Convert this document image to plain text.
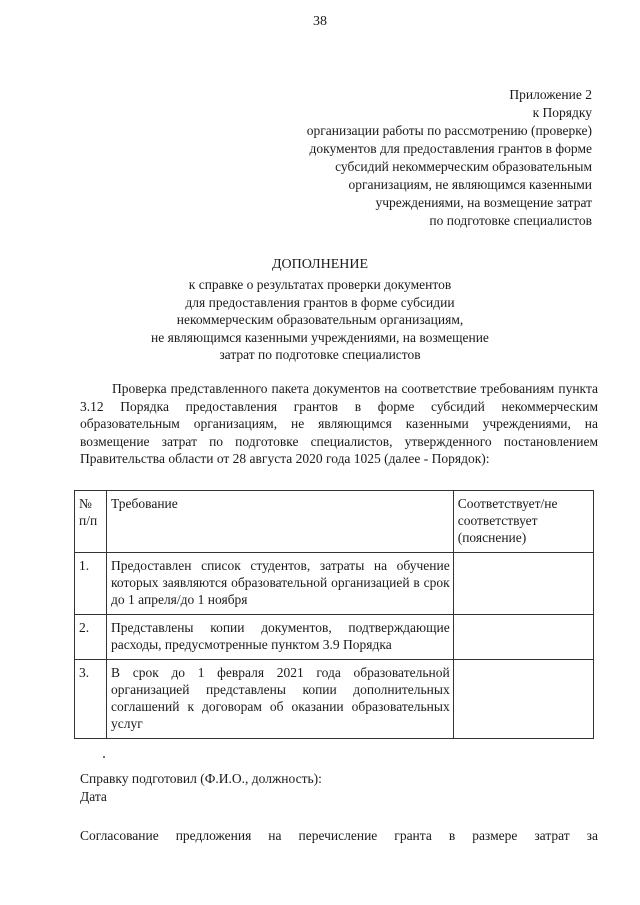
38
Приложение 2
к Порядку
организации работы по рассмотрению (проверке)
документов для предоставления грантов в форме
субсидий некоммерческим образовательным
организациям, не являющимся казенными
учреждениями, на возмещение затрат
по подготовке специалистов
ДОПОЛНЕНИЕ
к справке о результатах проверки документов
для предоставления грантов в форме субсидии
некоммерческим образовательным организациям,
не являющимся казенными учреждениями, на возмещение
затрат по подготовке специалистов
Проверка представленного пакета документов на соответствие требованиям пункта 3.12 Порядка предоставления грантов в форме субсидий некоммерческим образовательным организациям, не являющимся казенными учреждениями, на возмещение затрат по подготовке специалистов, утвержденного постановлением Правительства области от 28 августа 2020 года 1025 (далее - Порядок):
№ п/п	Требование	Соответствует/не соответствует (пояснение)
1.	Предоставлен список студентов, затраты на обучение которых заявляются образовательной организацией в срок до 1 апреля/до 1 ноября	
2.	Представлены копии документов, подтверждающие расходы, предусмотренные пунктом 3.9 Порядка	
3.	В срок до 1 февраля 2021 года образовательной организацией представлены копии дополнительных соглашений к договорам об оказании образовательных услуг	
Справку подготовил (Ф.И.О., должность):
Дата
Согласование предложения на перечисление гранта в размере затрат за
